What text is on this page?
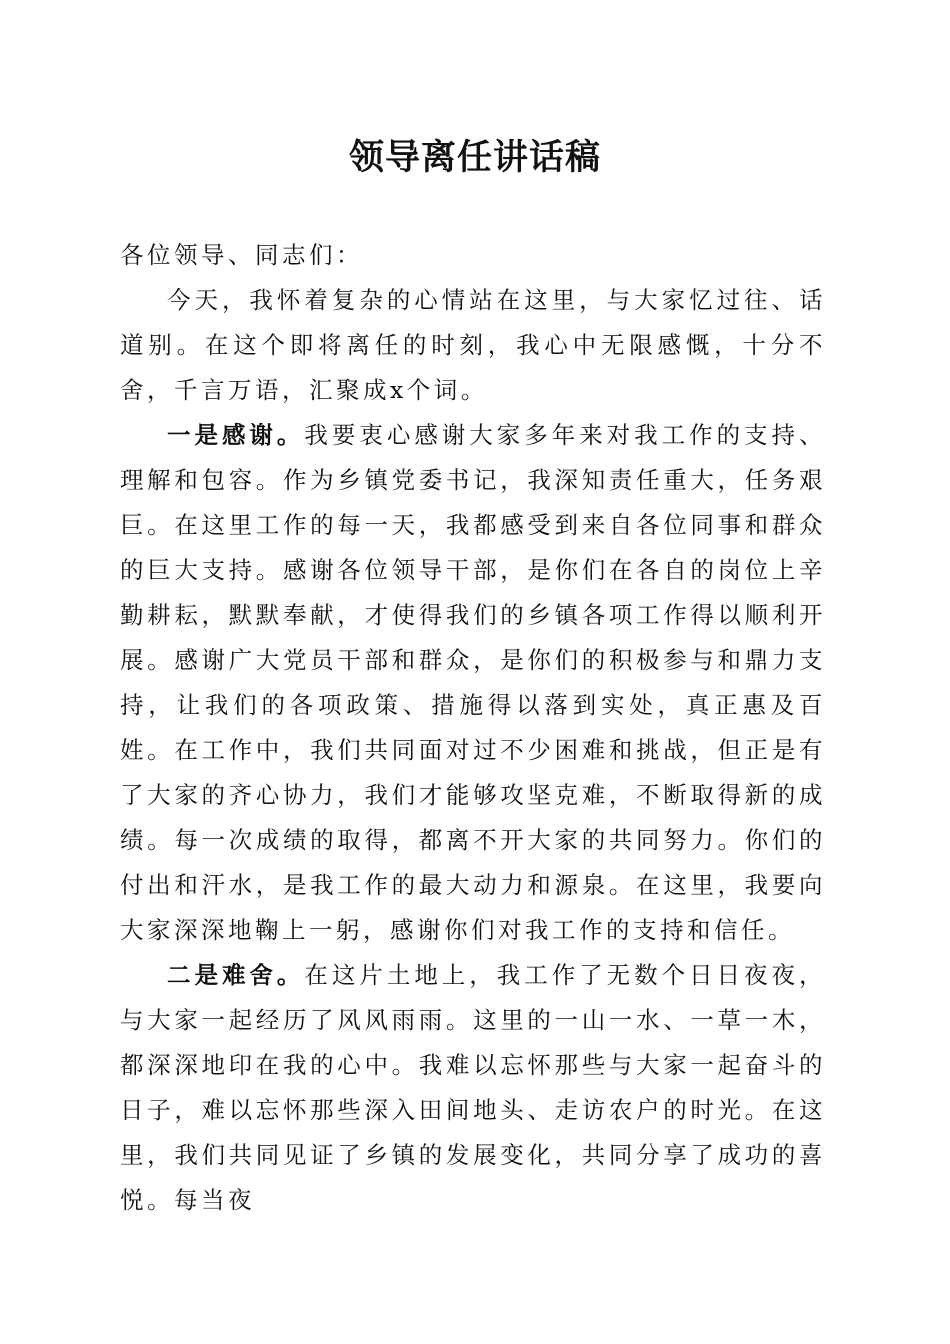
领导离任讲话稿

各位领导、同志们：

今天，我怀着复杂的心情站在这里，与大家忆过往、话道别。在这个即将离任的时刻，我心中无限感慨，十分不舍，千言万语，汇聚成x个词。

一是感谢。我要衷心感谢大家多年来对我工作的支持、理解和包容。作为乡镇党委书记，我深知责任重大，任务艰巨。在这里工作的每一天，我都感受到来自各位同事和群众的巨大支持。感谢各位领导干部，是你们在各自的岗位上辛勤耕耘，默默奉献，才使得我们的乡镇各项工作得以顺利开展。感谢广大党员干部和群众，是你们的积极参与和鼎力支持，让我们的各项政策、措施得以落到实处，真正惠及百姓。在工作中，我们共同面对过不少困难和挑战，但正是有了大家的齐心协力，我们才能够攻坚克难，不断取得新的成绩。每一次成绩的取得，都离不开大家的共同努力。你们的付出和汗水，是我工作的最大动力和源泉。在这里，我要向大家深深地鞠上一躬，感谢你们对我工作的支持和信任。

二是难舍。在这片土地上，我工作了无数个日日夜夜，与大家一起经历了风风雨雨。这里的一山一水、一草一木，都深深地印在我的心中。我难以忘怀那些与大家一起奋斗的日子，难以忘怀那些深入田间地头、走访农户的时光。在这里，我们共同见证了乡镇的发展变化，共同分享了成功的喜悦。每当夜
